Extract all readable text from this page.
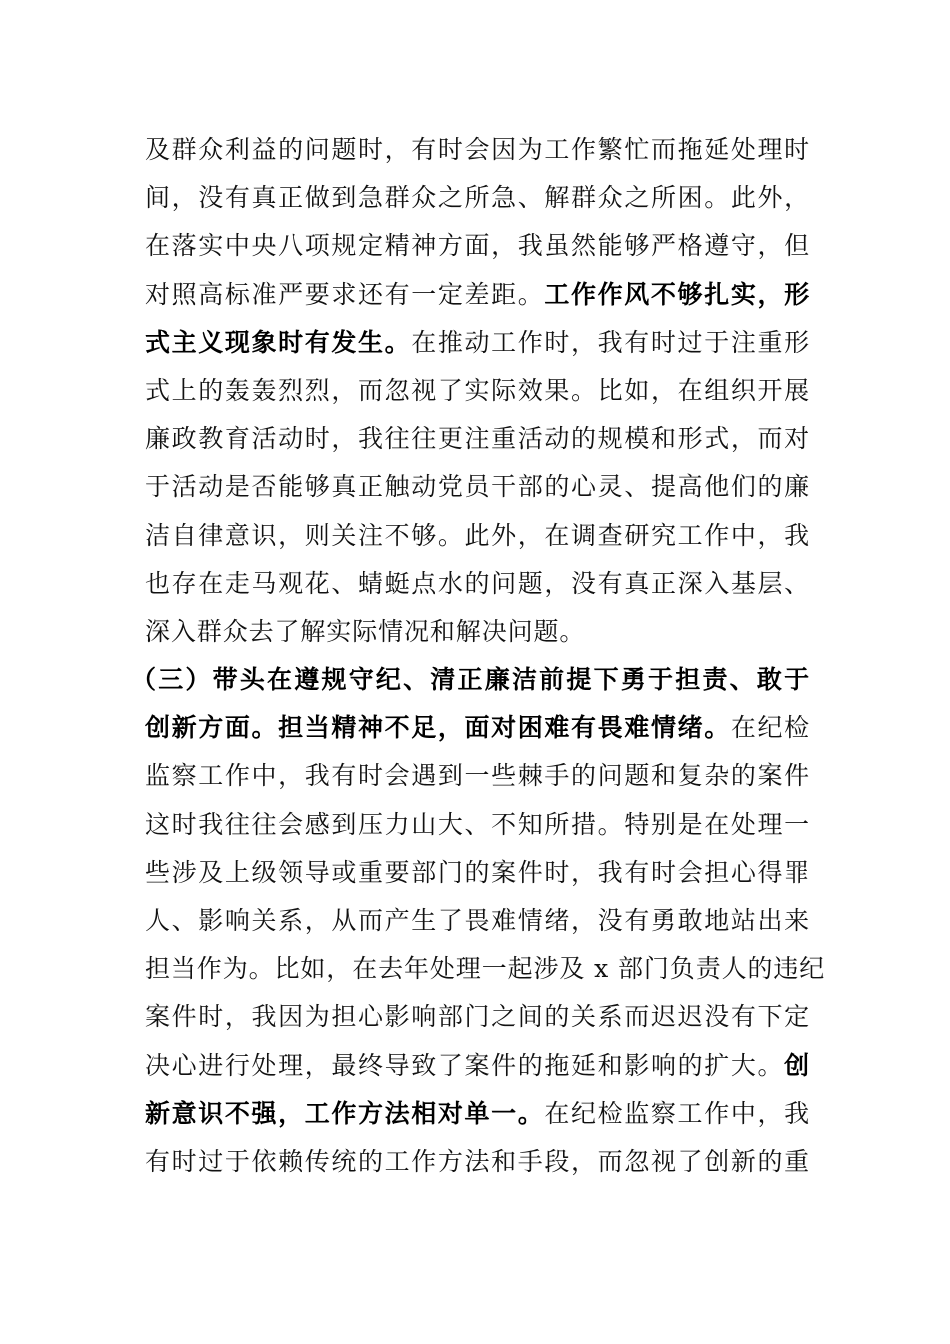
及群众利益的问题时，有时会因为工作繁忙而拖延处理时
间，没有真正做到急群众之所急、解群众之所困。此外，
在落实中央八项规定精神方面，我虽然能够严格遵守，但
对照高标准严要求还有一定差距。工作作风不够扎实，形
式主义现象时有发生。在推动工作时，我有时过于注重形
式上的轰轰烈烈，而忽视了实际效果。比如，在组织开展
廉政教育活动时，我往往更注重活动的规模和形式，而对
于活动是否能够真正触动党员干部的心灵、提高他们的廉
洁自律意识，则关注不够。此外，在调查研究工作中，我
也存在走马观花、蜻蜓点水的问题，没有真正深入基层、
深入群众去了解实际情况和解决问题。
（三）带头在遵规守纪、清正廉洁前提下勇于担责、敢于
创新方面。担当精神不足，面对困难有畏难情绪。在纪检
监察工作中，我有时会遇到一些棘手的问题和复杂的案件
这时我往往会感到压力山大、不知所措。特别是在处理一
些涉及上级领导或重要部门的案件时，我有时会担心得罪
人、影响关系，从而产生了畏难情绪，没有勇敢地站出来
担当作为。比如，在去年处理一起涉及 x 部门负责人的违纪
案件时，我因为担心影响部门之间的关系而迟迟没有下定
决心进行处理，最终导致了案件的拖延和影响的扩大。创
新意识不强，工作方法相对单一。在纪检监察工作中，我
有时过于依赖传统的工作方法和手段，而忽视了创新的重
